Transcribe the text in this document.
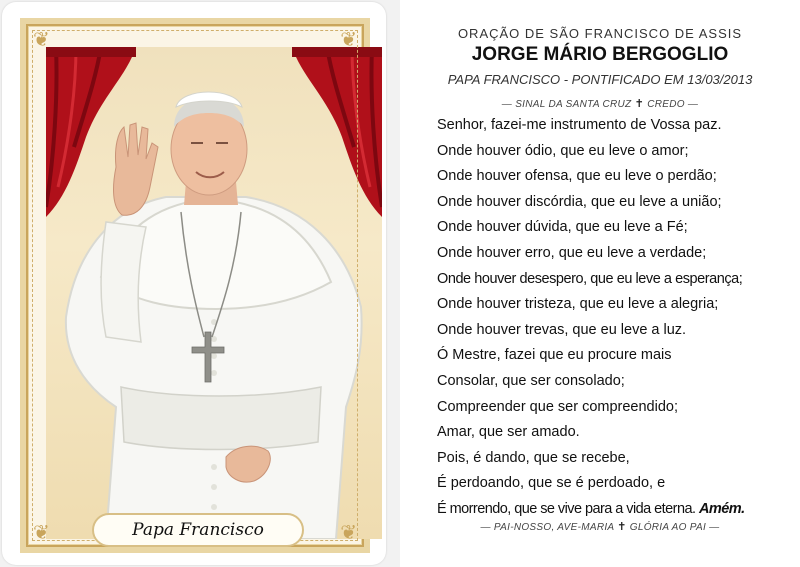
❦	❦
❦	❦
Papa Francisco
ORAÇÃO DE SÃO FRANCISCO DE ASSIS
JORGE MÁRIO BERGOGLIO
PAPA FRANCISCO - PONTIFICADO EM 13/03/2013
— SINAL DA SANTA CRUZ ✝ CREDO —
Senhor, fazei-me instrumento de Vossa paz.
Onde houver ódio, que eu leve o amor;
Onde houver ofensa, que eu leve o perdão;
Onde houver discórdia, que eu leve a união;
Onde houver dúvida, que eu leve a Fé;
Onde houver erro, que eu leve a verdade;
Onde houver desespero, que eu leve a esperança;
Onde houver tristeza, que eu leve a alegria;
Onde houver trevas, que eu leve a luz.
Ó Mestre, fazei que eu procure mais
Consolar, que ser consolado;
Compreender que ser compreendido;
Amar, que ser amado.
Pois, é dando, que se recebe,
É perdoando, que se é perdoado, e
É morrendo, que se vive para a vida eterna. Amém.
— PAI-NOSSO, AVE-MARIA ✝ GLÓRIA AO PAI —
